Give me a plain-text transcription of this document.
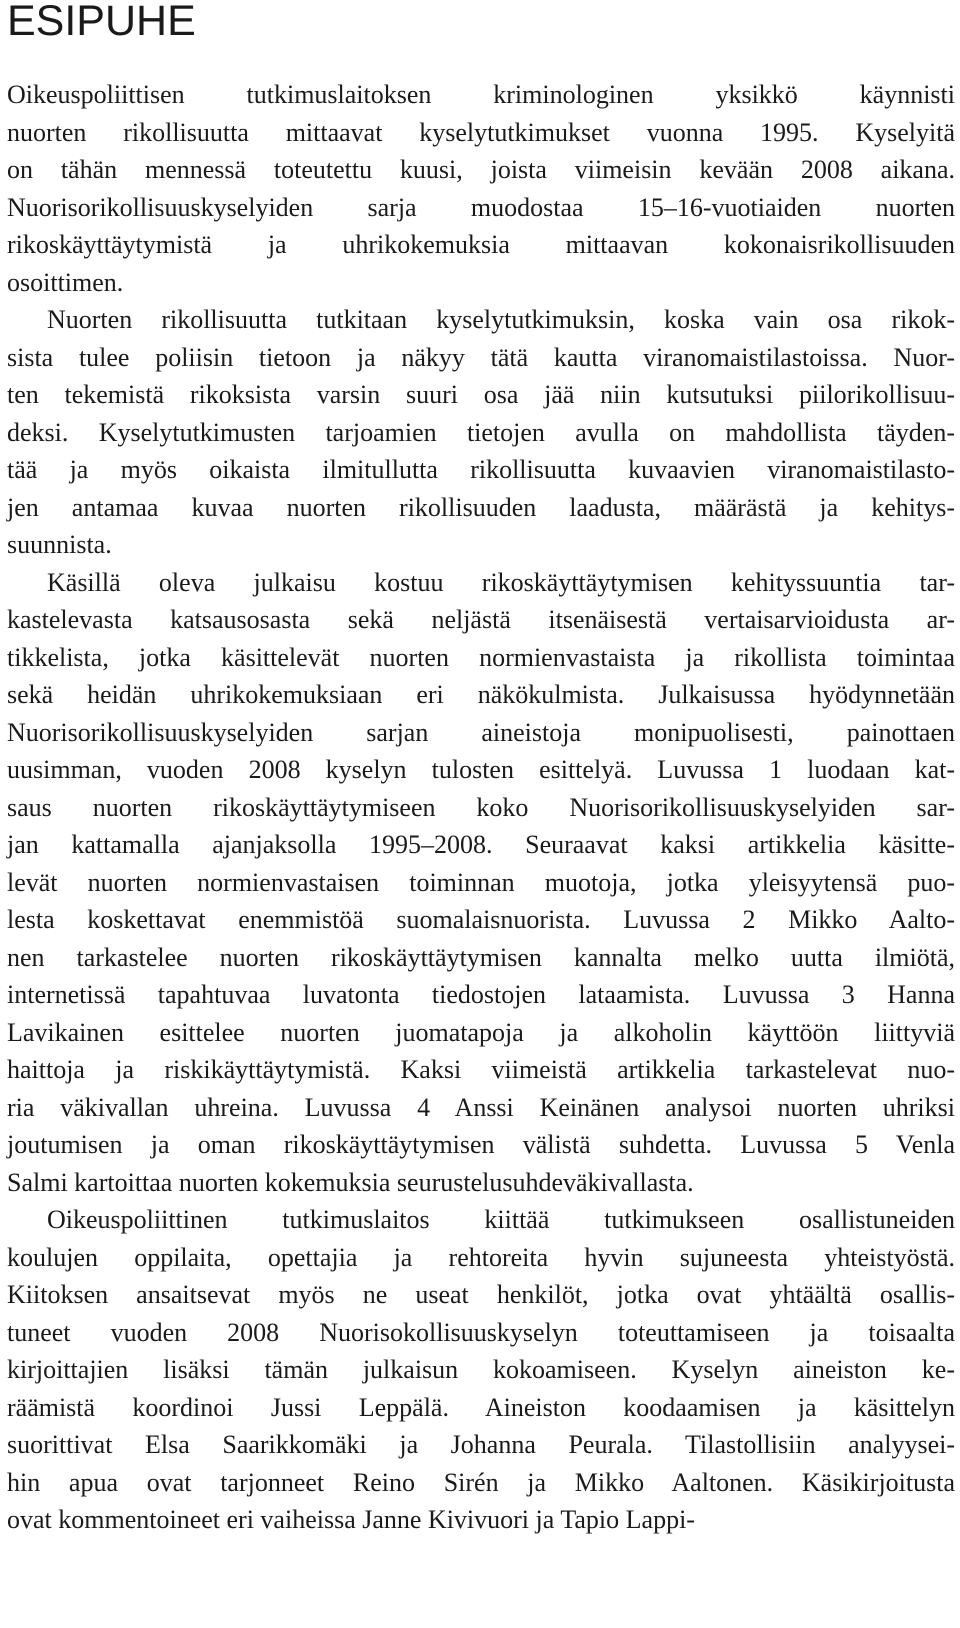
ESIPUHE
Oikeuspoliittisen tutkimuslaitoksen kriminologinen yksikkö käynnisti
nuorten rikollisuutta mittaavat kyselytutkimukset vuonna 1995. Kyselyitä
on tähän mennessä toteutettu kuusi, joista viimeisin kevään 2008 aikana.
Nuorisorikollisuuskyselyiden sarja muodostaa 15–16-vuotiaiden nuorten
rikoskäyttäytymistä ja uhrikokemuksia mittaavan kokonaisrikollisuuden
osoittimen.
Nuorten rikollisuutta tutkitaan kyselytutkimuksin, koska vain osa rikok-
sista tulee poliisin tietoon ja näkyy tätä kautta viranomaistilastoissa. Nuor-
ten tekemistä rikoksista varsin suuri osa jää niin kutsutuksi piilorikollisuu-
deksi. Kyselytutkimusten tarjoamien tietojen avulla on mahdollista täyden-
tää ja myös oikaista ilmitullutta rikollisuutta kuvaavien viranomaistilasto-
jen antamaa kuvaa nuorten rikollisuuden laadusta, määrästä ja kehitys-
suunnista.
Käsillä oleva julkaisu kostuu rikoskäyttäytymisen kehityssuuntia tar-
kastelevasta katsausosasta sekä neljästä itsenäisestä vertaisarvioidusta ar-
tikkelista, jotka käsittelevät nuorten normienvastaista ja rikollista toimintaa
sekä heidän uhrikokemuksiaan eri näkökulmista. Julkaisussa hyödynnetään
Nuorisorikollisuuskyselyiden sarjan aineistoja monipuolisesti, painottaen
uusimman, vuoden 2008 kyselyn tulosten esittelyä. Luvussa 1 luodaan kat-
saus nuorten rikoskäyttäytymiseen koko Nuorisorikollisuuskyselyiden sar-
jan kattamalla ajanjaksolla 1995–2008. Seuraavat kaksi artikkelia käsitte-
levät nuorten normienvastaisen toiminnan muotoja, jotka yleisyytensä puo-
lesta koskettavat enemmistöä suomalaisnuorista. Luvussa 2 Mikko Aalto-
nen tarkastelee nuorten rikoskäyttäytymisen kannalta melko uutta ilmiötä,
internetissä tapahtuvaa luvatonta tiedostojen lataamista. Luvussa 3 Hanna
Lavikainen esittelee nuorten juomatapoja ja alkoholin käyttöön liittyviä
haittoja ja riskikäyttäytymistä. Kaksi viimeistä artikkelia tarkastelevat nuo-
ria väkivallan uhreina. Luvussa 4 Anssi Keinänen analysoi nuorten uhriksi
joutumisen ja oman rikoskäyttäytymisen välistä suhdetta. Luvussa 5 Venla
Salmi kartoittaa nuorten kokemuksia seurustelusuhdeväkivallasta.
Oikeuspoliittinen tutkimuslaitos kiittää tutkimukseen osallistuneiden
koulujen oppilaita, opettajia ja rehtoreita hyvin sujuneesta yhteistyöstä.
Kiitoksen ansaitsevat myös ne useat henkilöt, jotka ovat yhtäältä osallis-
tuneet vuoden 2008 Nuorisokollisuuskyselyn toteuttamiseen ja toisaalta
kirjoittajien lisäksi tämän julkaisun kokoamiseen. Kyselyn aineiston ke-
räämistä koordinoi Jussi Leppälä. Aineiston koodaamisen ja käsittelyn
suorittivat Elsa Saarikkomäki ja Johanna Peurala. Tilastollisiin analyysei-
hin apua ovat tarjonneet Reino Sirén ja Mikko Aaltonen. Käsikirjoitusta
ovat kommentoineet eri vaiheissa Janne Kivivuori ja Tapio Lappi-
